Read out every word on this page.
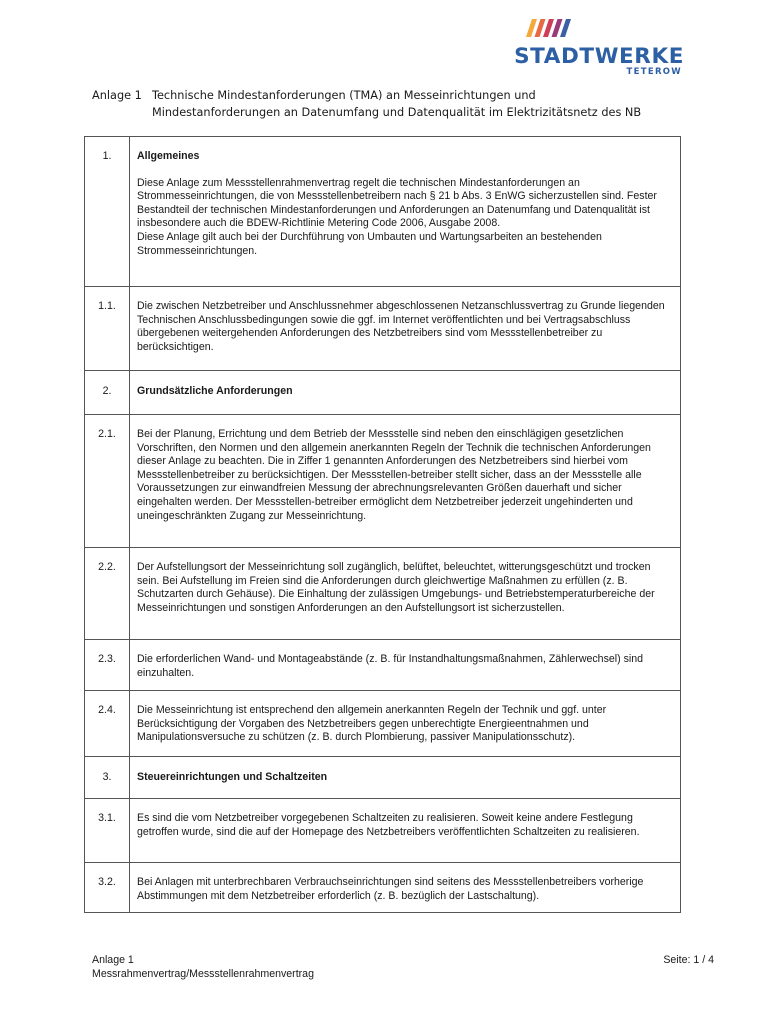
STADTWERKE
TETEROW
Anlage 1 Technische Mindestanforderungen (TMA) an Messeinrichtungen und
Mindestanforderungen an Datenumfang und Datenqualität im Elektrizitätsnetz des NB
1.	Allgemeines
Diese Anlage zum Messstellenrahmenvertrag regelt die technischen Mindestanforderungen an Strommesseinrichtungen, die von Messstellenbetreibern nach § 21 b Abs. 3 EnWG sicherzustellen sind. Fester Bestandteil der technischen Mindestanforderungen und Anforderungen an Datenumfang und Datenqualität ist insbesondere auch die BDEW-Richtlinie Metering Code 2006, Ausgabe 2008.
Diese Anlage gilt auch bei der Durchführung von Umbauten und Wartungsarbeiten an bestehenden Strommesseinrichtungen.

1.1.	Die zwischen Netzbetreiber und Anschlussnehmer abgeschlossenen Netzanschlussvertrag zu Grunde liegenden Technischen Anschlussbedingungen sowie die ggf. im Internet veröffentlichten und bei Vertragsabschluss übergebenen weitergehenden Anforderungen des Netzbetreibers sind vom Messstellenbetreiber zu berücksichtigen.

2.	Grundsätzliche Anforderungen

2.1.	Bei der Planung, Errichtung und dem Betrieb der Messstelle sind neben den einschlägigen gesetzlichen Vorschriften, den Normen und den allgemein anerkannten Regeln der Technik die technischen Anforderungen dieser Anlage zu beachten. Die in Ziffer 1 genannten Anforderungen des Netzbetreibers sind hierbei vom Messstellenbetreiber zu berücksichtigen. Der Messstellen-betreiber stellt sicher, dass an der Messstelle alle Voraussetzungen zur einwandfreien Messung der abrechnungsrelevanten Größen dauerhaft und sicher eingehalten werden. Der Messstellen-betreiber ermöglicht dem Netzbetreiber jederzeit ungehinderten und uneingeschränkten Zugang zur Messeinrichtung.

2.2.	Der Aufstellungsort der Messeinrichtung soll zugänglich, belüftet, beleuchtet, witterungsgeschützt und trocken sein. Bei Aufstellung im Freien sind die Anforderungen durch gleichwertige Maßnahmen zu erfüllen (z. B. Schutzarten durch Gehäuse). Die Einhaltung der zulässigen Umgebungs- und Betriebstemperaturbereiche der Messeinrichtungen und sonstigen Anforderungen an den Aufstellungsort ist sicherzustellen.

2.3.	Die erforderlichen Wand- und Montageabstände (z. B. für Instandhaltungsmaßnahmen, Zählerwechsel) sind einzuhalten.

2.4.	Die Messeinrichtung ist entsprechend den allgemein anerkannten Regeln der Technik und ggf. unter Berücksichtigung der Vorgaben des Netzbetreibers gegen unberechtigte Energieentnahmen und Manipulationsversuche zu schützen (z. B. durch Plombierung, passiver Manipulationsschutz).

3.	Steuereinrichtungen und Schaltzeiten

3.1.	Es sind die vom Netzbetreiber vorgegebenen Schaltzeiten zu realisieren. Soweit keine andere Festlegung getroffen wurde, sind die auf der Homepage des Netzbetreibers veröffentlichten Schaltzeiten zu realisieren.

3.2.	Bei Anlagen mit unterbrechbaren Verbrauchseinrichtungen sind seitens des Messstellenbetreibers vorherige Abstimmungen mit dem Netzbetreiber erforderlich (z. B. bezüglich der Lastschaltung).
Anlage 1
Messrahmenvertrag/Messstellenrahmenvertrag
Seite: 1 / 4
